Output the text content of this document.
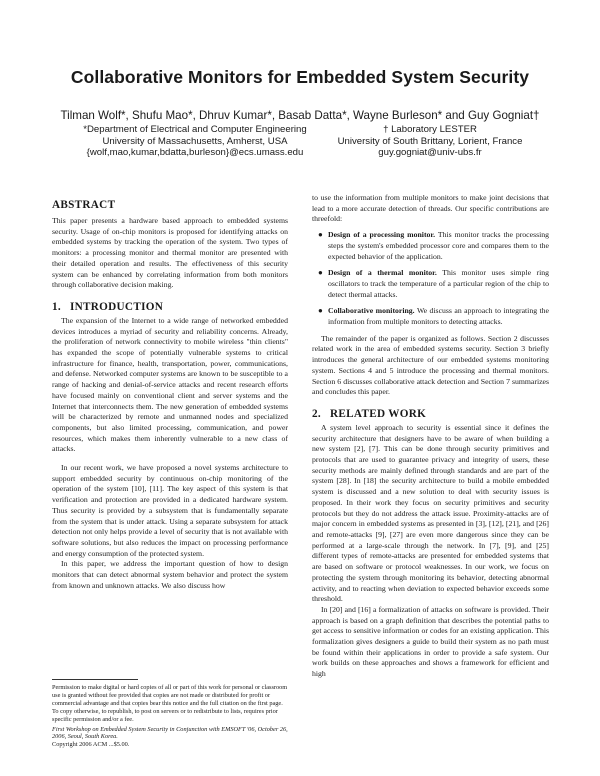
Collaborative Monitors for Embedded System Security
Tilman Wolf*, Shufu Mao*, Dhruv Kumar*, Basab Datta*, Wayne Burleson* and Guy Gogniat†
*Department of Electrical and Computer Engineering
University of Massachusetts, Amherst, USA
{wolf,mao,kumar,bdatta,burleson}@ecs.umass.edu
† Laboratory LESTER
University of South Brittany, Lorient, France
guy.gogniat@univ-ubs.fr
ABSTRACT

This paper presents a hardware based approach to embedded systems security. Usage of on-chip monitors is proposed for identifying attacks on embedded systems by tracking the operation of the system. Two types of monitors: a processing monitor and thermal monitor are presented with their detailed operation and results. The effectiveness of this security system can be enhanced by correlating information from both monitors through collaborative decision making.

1. INTRODUCTION

The expansion of the Internet to a wide range of networked embedded devices introduces a myriad of security and reliability concerns. Already, the proliferation of network connectivity to mobile wireless "thin clients" has expanded the scope of potentially vulnerable systems to critical infrastructure for finance, health, transportation, power, communications, and defense. Networked computer systems are known to be susceptible to a range of hacking and denial-of-service attacks and recent research efforts have focused mainly on conventional client and server systems and the Internet that interconnects them. The new generation of embedded systems will be characterized by remote and unmanned nodes and specialized components, but also limited processing, communication, and power resources, which makes them inherently vulnerable to a new class of attacks.

In our recent work, we have proposed a novel systems architecture to support embedded security by continuous on-chip monitoring of the operation of the system [10], [11]. The key aspect of this system is that verification and protection are provided in a dedicated hardware system. Thus security is provided by a subsystem that is fundamentally separate from the system that is under attack. Using a separate subsystem for attack detection not only helps provide a level of security that is not available with software solutions, but also reduces the impact on processing performance and energy consumption of the protected system.

In this paper, we address the important question of how to design monitors that can detect abnormal system behavior and protect the system from known and unknown attacks. We also discuss how

Permission to make digital or hard copies of all or part of this work for personal or classroom use is granted without fee provided that copies are not made or distributed for profit or commercial advantage and that copies bear this notice and the full citation on the first page. To copy otherwise, to republish, to post on servers or to redistribute to lists, requires prior specific permission and/or a fee.

First Workshop on Embedded System Security in Conjunction with EMSOFT '06, October 26, 2006, Seoul, South Korea.

Copyright 2006 ACM ...$5.00.

to use the information from multiple monitors to make joint decisions that lead to a more accurate detection of threads. Our specific contributions are threefold:

● Design of a processing monitor. This monitor tracks the processing steps the system's embedded processor core and compares them to the expected behavior of the application.
● Design of a thermal monitor. This monitor uses simple ring oscillators to track the temperature of a particular region of the chip to detect thermal attacks.
● Collaborative monitoring. We discuss an approach to integrating the information from multiple monitors to detecting attacks.

The remainder of the paper is organized as follows. Section 2 discusses related work in the area of embedded systems security. Section 3 briefly introduces the general architecture of our embedded systems monitoring system. Sections 4 and 5 introduce the processing and thermal monitors. Section 6 discusses collaborative attack detection and Section 7 summarizes and concludes this paper.

2. RELATED WORK

A system level approach to security is essential since it defines the security architecture that designers have to be aware of when building a new system [2], [7]. This can be done through security primitives and protocols that are used to guarantee privacy and integrity of users, these security methods are mainly defined through standards and are part of the system [28]. In [18] the security architecture to build a mobile embedded system is discussed and a new solution to deal with security issues is proposed. In their work they focus on security primitives and security protocols but they do not address the attack issue. Proximity-attacks are of major concern in embedded systems as presented in [3], [12], [21], and [26] and remote-attacks [9], [27] are even more dangerous since they can be performed at a large-scale through the network. In [7], [9], and [25] different types of remote-attacks are presented for embedded systems that are based on software or protocol weaknesses. In our work, we focus on protecting the system through monitoring its behavior, detecting abnormal activity, and to reacting when deviation to expected behavior exceeds some threshold.

In [20] and [16] a formalization of attacks on software is provided. Their approach is based on a graph definition that describes the potential paths to get access to sensitive information or codes for an existing application. This formalization gives designers a guide to build their system as no path must be found within their applications in order to provide a safe system. Our work builds on these approaches and shows a framework for efficient and high
